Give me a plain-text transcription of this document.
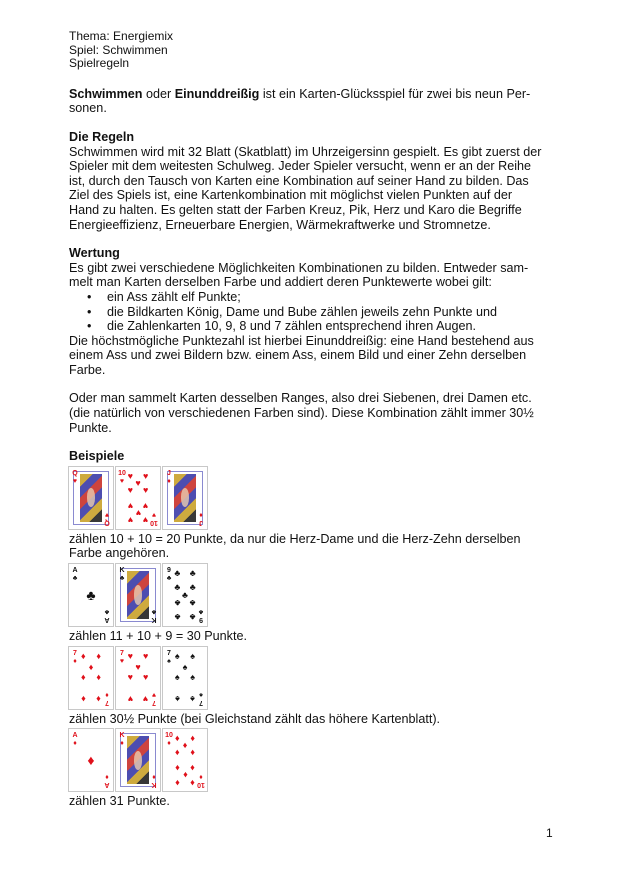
Thema: Energiemix
Spiel: Schwimmen
Spielregeln

Schwimmen oder Einunddreißig ist ein Karten-Glücksspiel für zwei bis neun Per-
sonen.

Die Regeln
Schwimmen wird mit 32 Blatt (Skatblatt) im Uhrzeigersinn gespielt. Es gibt zuerst der
Spieler mit dem weitesten Schulweg. Jeder Spieler versucht, wenn er an der Reihe
ist, durch den Tausch von Karten eine Kombination auf seiner Hand zu bilden. Das
Ziel des Spiels ist, eine Kartenkombination mit möglichst vielen Punkten auf der
Hand zu halten. Es gelten statt der Farben Kreuz, Pik, Herz und Karo die Begriffe
Energieeffizienz, Erneuerbare Energien, Wärmekraftwerke und Stromnetze.
Wertung
Es gibt zwei verschiedene Möglichkeiten Kombinationen zu bilden. Entweder sam-
melt man Karten derselben Farbe und addiert deren Punktewerte wobei gilt:
• ein Ass zählt elf Punkte;
• die Bildkarten König, Dame und Bube zählen jeweils zehn Punkte und
• die Zahlenkarten 10, 9, 8 und 7 zählen entsprechend ihren Augen.
Die höchstmögliche Punktezahl ist hierbei Einunddreißig: eine Hand bestehend aus
einem Ass und zwei Bildern bzw. einem Ass, einem Bild und einer Zehn derselben
Farbe.
Oder man sammelt Karten desselben Ranges, also drei Siebenen, drei Damen etc.
(die natürlich von verschiedenen Farben sind). Diese Kombination zählt immer 30½
Punkte.
Beispiele
Q
♥
Q
♥
10
♥
10
♥
♥ ♥
♥
♥ ♥
♥ ♥
♥
♥ ♥
J
♦
J
♦
zählen 10 + 10 = 20 Punkte, da nur die Herz-Dame und die Herz-Zehn derselben
Farbe angehören.
A
♣
A
♣
♣
K
♣
K
♣
9
♣
9
♣
♣ ♣
♣ ♣
♣
♣ ♣
♣ ♣
zählen 11 + 10 + 9 = 30 Punkte.
7
♦
7
♦
♦ ♦
♦
♦ ♦
♦ ♦
7
♥
7
♥
♥ ♥
♥
♥ ♥
♥ ♥
7
♠
7
♠
♠ ♠
♠
♠ ♠
♠ ♠
zählen 30½ Punkte (bei Gleichstand zählt das höhere Kartenblatt).
A
♦
A
♦
♦
K
♦
K
♦
10
♦
10
♦
♦ ♦
♦
♦ ♦
♦ ♦
♦
♦ ♦
zählen 31 Punkte.
1
